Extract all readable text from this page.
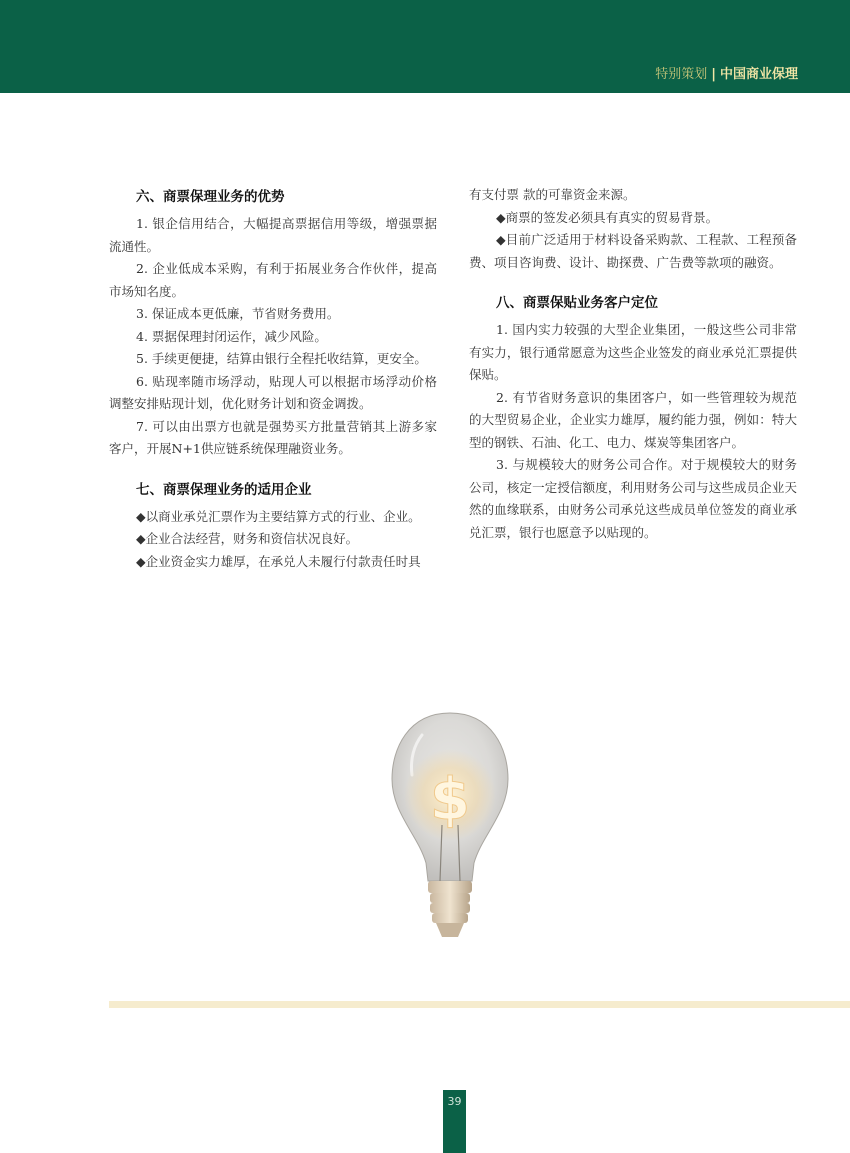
特别策划 | 中国商业保理
六、商票保理业务的优势

1. 银企信用结合，大幅提高票据信用等级，增强票据流通性。

2. 企业低成本采购，有利于拓展业务合作伙伴，提高市场知名度。

3. 保证成本更低廉，节省财务费用。

4. 票据保理封闭运作，减少风险。

5. 手续更便捷，结算由银行全程托收结算，更安全。

6. 贴现率随市场浮动，贴现人可以根据市场浮动价格调整安排贴现计划，优化财务计划和资金调拨。

7. 可以由出票方也就是强势买方批量营销其上游多家客户，开展N+1供应链系统保理融资业务。

七、商票保理业务的适用企业

◆以商业承兑汇票作为主要结算方式的行业、企业。

◆企业合法经营，财务和资信状况良好。

◆企业资金实力雄厚，在承兑人未履行付款责任时具

有支付票 款的可靠资金来源。

◆商票的签发必须具有真实的贸易背景。

◆目前广泛适用于材料设备采购款、工程款、工程预备费、项目咨询费、设计、勘探费、广告费等款项的融资。

八、商票保贴业务客户定位

1. 国内实力较强的大型企业集团，一般这些公司非常有实力，银行通常愿意为这些企业签发的商业承兑汇票提供保贴。

2. 有节省财务意识的集团客户，如一些管理较为规范的大型贸易企业，企业实力雄厚，履约能力强，例如：特大型的钢铁、石油、化工、电力、煤炭等集团客户。

3. 与规模较大的财务公司合作。对于规模较大的财务公司，核定一定授信额度，利用财务公司与这些成员企业天然的血缘联系，由财务公司承兑这些成员单位签发的商业承兑汇票，银行也愿意予以贴现的。

$
39
